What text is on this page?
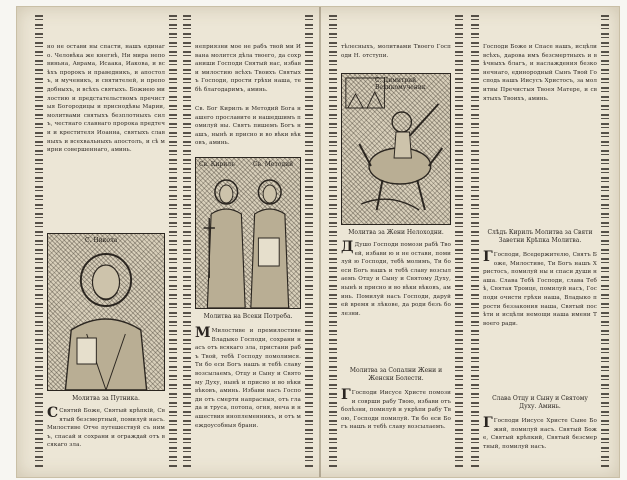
но не остави ны спасти, нашъ единаго. Человѣка же кнегнѣ, Ни мира неповиньна, Аврама, Исаака, Иакова, и всѣхъ пророкъ и праведникъ, и апостолъ, и мученикъ, и святителей, и преподобныхъ, и всѣхъ святыхъ. Божиею милостию и предстательствомъ пречистыя Богородицы и приснодѣвы Марии, молитвами святыхъ безплотныхъ силъ, честнаго славнаго пророка предтечи и крестителя Иоанна, святыхъ славныхъ и всехвальныхъ апостолъ, и сѣ мирни совершеннаго, аминь.
С. Никола
Молитва за Путника.
С Святий Боже, Святый крѣпкій, Святый безсмертный, помилуй насъ. Милостиве Отче путешествуй съ нимъ, спасай и сохрани и ограждай отъ всякаго зла.
неприязни мое не рабъ твой ми Ивана молится дѣла твоего, да сохраниши Господи Святый нас, избави милостию всѣхъ Твоихъ Святыхъ Господи, прости грѣхи наша, тебѣ благодаримъ, аминь.
Св. Бог Кирилъ и Методий Бога нашего прославите и нашедшимъ помилуй ны. Святъ пишемъ Богъ нашъ, нынѣ и присно и во вѣки вѣковъ, аминь.
Св. Кирилъ	Св. Методий
Молитва на Всеки Потреба.
М Милостиве и премилостиве Владыко Господи, сохрани насъ отъ всякаго зла, пристани рабъ Твой, тебѣ Господу помолимся. Ти бо еси Богъ нашъ и тебѣ славу возсылаемъ, Отцу и Сыну и Святому Духу, нынѣ и присно и во вѣки вѣковъ, аминь. Избави насъ Господи отъ смерти напрасныя, отъ глада и труса, потопа, огня, меча и нашествия иноплеменникъ, и отъ междоусобныя брани.
тѣлесныхъ, молитвами Твоего Господи Н. отступи.
С. Димитрий Великомученик
Молитва за Жени Нелоходни.
Д Душо Господи помози рабѣ Твоей, избави ю и не остави, помилуй ю Господи, тебѣ молимъ, Ти бо еси Богъ нашъ и тебѣ славу возсылаемъ Отцу и Сыну и Святому Духу, нынѣ и присно и во вѣки вѣковъ, аминь. Помилуй насъ Господи, даруй ей время и лѣкове, да роди безъ болезни.
Молитва за Сопални Жени и Женски Болести.
Г Господи Иисусе Христе помози и соврши рабу Твою, избави отъ болѣзни, помилуй и укрѣпи рабу Твою, Господи помилуй. Ти бо еси Богъ нашъ и тебѣ славу возсылаемъ.
Господи Боже и Спасе нашъ, исцѣли всѣхъ, дарова имъ безсмертныхъ и вѣчныхъ благъ, и наслаждения безконечнаго, единородный Сынъ Твой Господь нашъ Иисусъ Христосъ, за молитвы Пречистыя Твоея Матере, и святыхъ Твоихъ, аминь.
Слѣдъ Кирилъ Молитва за Святи Заветни Крѣпка Молитва.
Г Господи, Вседержителю, Святъ Боже, Милостиве, Ти Богъ нашъ Христосъ, помилуй ны и спаси души наша. Слава Тебѣ Господи, слава Тебѣ, Святая Троице, помилуй насъ, Господи очисти грѣхи наша, Владыко прости беззакония наша, Святый посѣти и исцѣли немощи наша имени Твоего ради.
Слава Отцу и Сыну и Святому Духу. Аминь.
Г Господи Иисусе Христе Сыне Божий, помилуй насъ. Святый Боже, Святый крѣпкий, Святый безсмертный, помилуй насъ.
